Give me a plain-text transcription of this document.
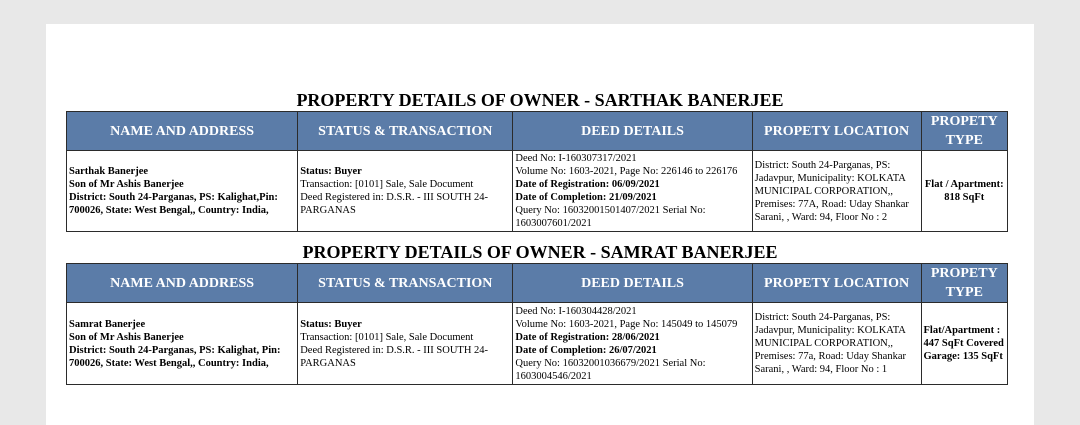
PROPERTY DETAILS OF OWNER - SARTHAK BANERJEE
NAME AND ADDRESS	STATUS & TRANSACTION	DEED DETAILS	PROPETY LOCATION	PROPETY TYPE

Sarthak Banerjee
Son of Mr Ashis Banerjee
District: South 24-Parganas, PS: Kalighat,Pin: 700026, State: West Bengal,, Country: India,	Status: Buyer
Transaction: [0101] Sale, Sale Document
Deed Registered in: D.S.R. - III SOUTH 24-PARGANAS	Deed No: I-160307317/2021
Volume No: 1603-2021, Page No: 226146 to 226176
Date of Registration: 06/09/2021
Date of Completion: 21/09/2021
Query No: 16032001501407/2021 Serial No: 1603007601/2021	District: South 24-Parganas, PS: Jadavpur, Municipality: KOLKATA MUNICIPAL CORPORATION,, Premises: 77A, Road: Uday Shankar Sarani, , Ward: 94, Floor No : 2	Flat / Apartment: 818 SqFt
PROPERTY DETAILS OF OWNER - SAMRAT BANERJEE
NAME AND ADDRESS	STATUS & TRANSACTION	DEED DETAILS	PROPETY LOCATION	PROPETY TYPE

Samrat Banerjee
Son of Mr Ashis Banerjee
District: South 24-Parganas, PS: Kalighat, Pin: 700026, State: West Bengal,, Country: India,	Status: Buyer
Transaction: [0101] Sale, Sale Document
Deed Registered in: D.S.R. - III SOUTH 24-PARGANAS	Deed No: I-160304428/2021
Volume No: 1603-2021, Page No: 145049 to 145079
Date of Registration: 28/06/2021
Date of Completion: 26/07/2021
Query No: 16032001036679/2021 Serial No: 1603004546/2021	District: South 24-Parganas, PS: Jadavpur, Municipality: KOLKATA MUNICIPAL CORPORATION,, Premises: 77a, Road: Uday Shankar Sarani, , Ward: 94, Floor No : 1	Flat/Apartment : 447 SqFt Covered Garage: 135 SqFt
